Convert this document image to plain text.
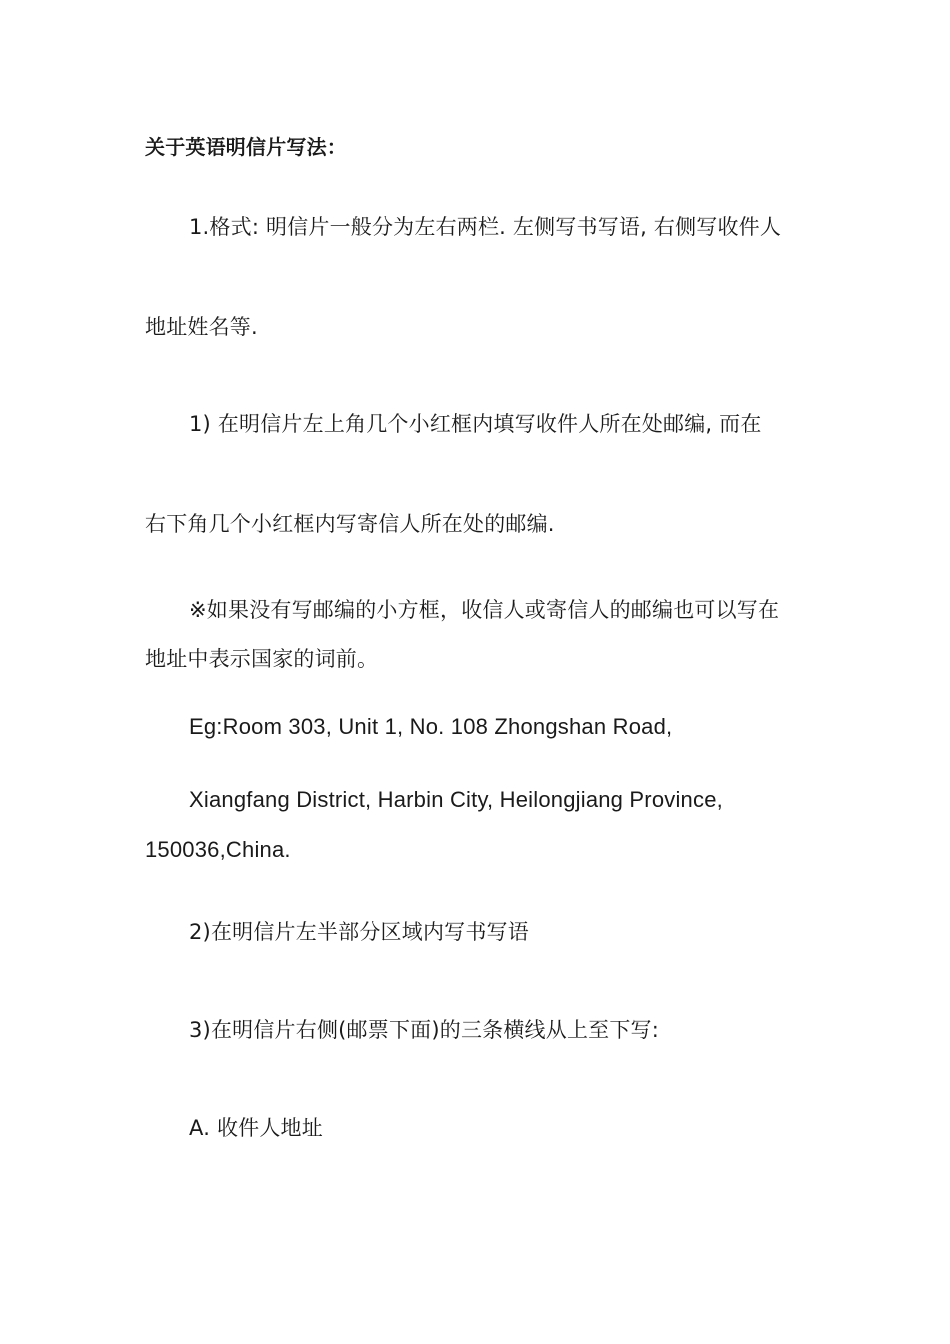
关于英语明信片写法：
1.格式: 明信片一般分为左右两栏. 左侧写书写语, 右侧写收件人
地址姓名等.
1) 在明信片左上角几个小红框内填写收件人所在处邮编, 而在
右下角几个小红框内写寄信人所在处的邮编.
※如果没有写邮编的小方框，收信人或寄信人的邮编也可以写在
地址中表示国家的词前。
Eg:Room 303, Unit 1, No. 108 Zhongshan Road,
Xiangfang District, Harbin City, Heilongjiang Province,
150036,China.
2)在明信片左半部分区域内写书写语
3)在明信片右侧(邮票下面)的三条横线从上至下写:
A. 收件人地址
